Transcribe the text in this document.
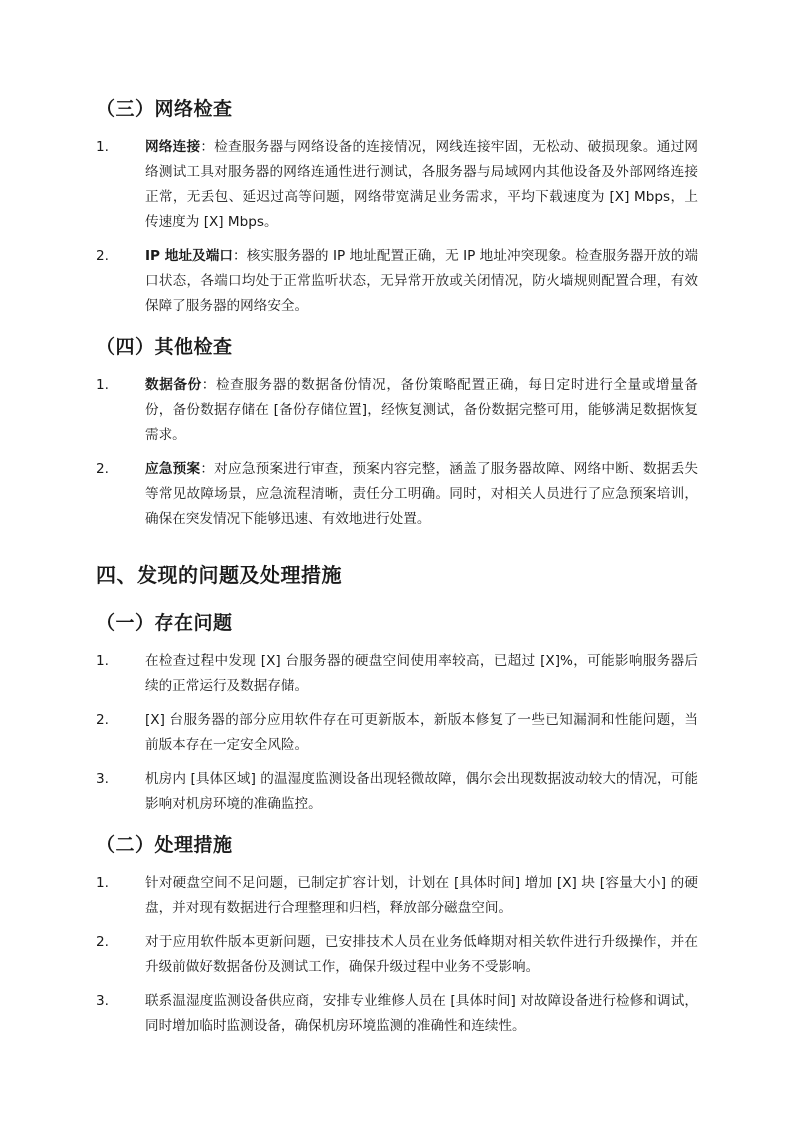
（三）网络检查
1.	网络连接：检查服务器与网络设备的连接情况，网线连接牢固，无松动、破损现象。通过网络测试工具对服务器的网络连通性进行测试，各服务器与局域网内其他设备及外部网络连接正常，无丢包、延迟过高等问题，网络带宽满足业务需求，平均下载速度为 [X] Mbps，上传速度为 [X] Mbps。
2.	IP 地址及端口：核实服务器的 IP 地址配置正确，无 IP 地址冲突现象。检查服务器开放的端口状态，各端口均处于正常监听状态，无异常开放或关闭情况，防火墙规则配置合理，有效保障了服务器的网络安全。
（四）其他检查
1.	数据备份：检查服务器的数据备份情况，备份策略配置正确，每日定时进行全量或增量备份，备份数据存储在 [备份存储位置]，经恢复测试，备份数据完整可用，能够满足数据恢复需求。
2.	应急预案：对应急预案进行审查，预案内容完整，涵盖了服务器故障、网络中断、数据丢失等常见故障场景，应急流程清晰，责任分工明确。同时，对相关人员进行了应急预案培训，确保在突发情况下能够迅速、有效地进行处置。
四、发现的问题及处理措施
（一）存在问题
1.	在检查过程中发现 [X] 台服务器的硬盘空间使用率较高，已超过 [X]%，可能影响服务器后续的正常运行及数据存储。
2.	[X] 台服务器的部分应用软件存在可更新版本，新版本修复了一些已知漏洞和性能问题，当前版本存在一定安全风险。
3.	机房内 [具体区域] 的温湿度监测设备出现轻微故障，偶尔会出现数据波动较大的情况，可能影响对机房环境的准确监控。
（二）处理措施
1.	针对硬盘空间不足问题，已制定扩容计划，计划在 [具体时间] 增加 [X] 块 [容量大小] 的硬盘，并对现有数据进行合理整理和归档，释放部分磁盘空间。
2.	对于应用软件版本更新问题，已安排技术人员在业务低峰期对相关软件进行升级操作，并在升级前做好数据备份及测试工作，确保升级过程中业务不受影响。
3.	联系温湿度监测设备供应商，安排专业维修人员在 [具体时间] 对故障设备进行检修和调试，同时增加临时监测设备，确保机房环境监测的准确性和连续性。
